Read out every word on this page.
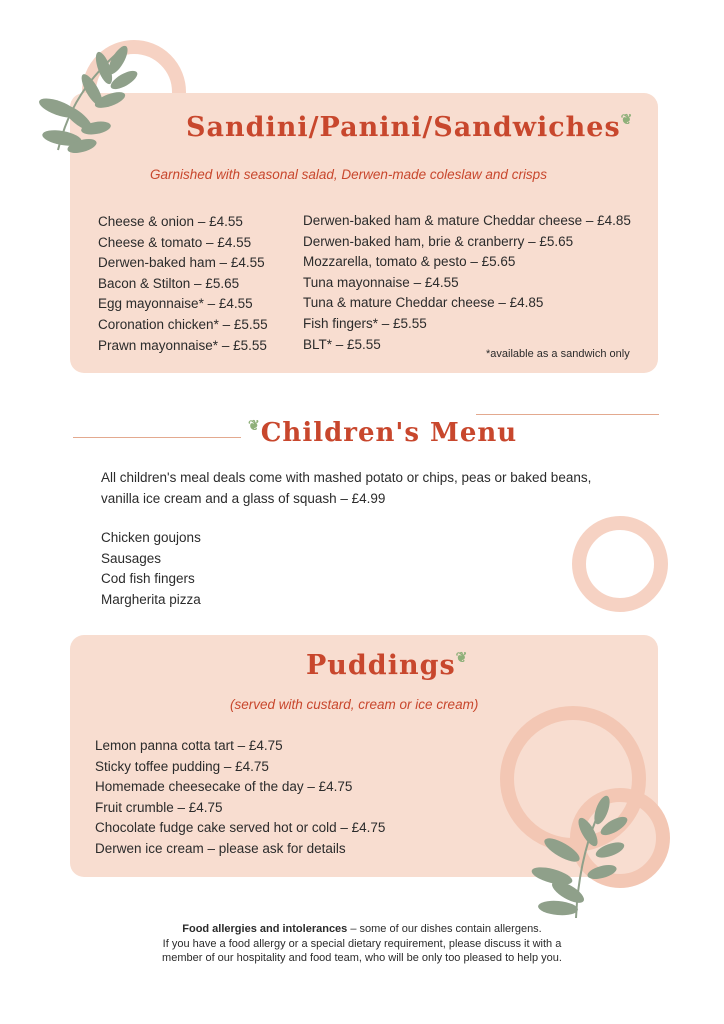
Sandini/Panini/Sandwiches❦
Garnished with seasonal salad, Derwen-made coleslaw and crisps
Cheese & onion – £4.55
Cheese & tomato – £4.55
Derwen-baked ham – £4.55
Bacon & Stilton – £5.65
Egg mayonnaise* – £4.55
Coronation chicken* – £5.55
Prawn mayonnaise* – £5.55
Derwen-baked ham & mature Cheddar cheese – £4.85
Derwen-baked ham, brie & cranberry – £5.65
Mozzarella, tomato & pesto – £5.65
Tuna mayonnaise – £4.55
Tuna & mature Cheddar cheese – £4.85
Fish fingers* – £5.55
BLT* – £5.55
*available as a sandwich only
❦Children's Menu
All children's meal deals come with mashed potato or chips, peas or baked beans,
vanilla ice cream and a glass of squash – £4.99
Chicken goujons
Sausages
Cod fish fingers
Margherita pizza
Puddings❦
(served with custard, cream or ice cream)
Lemon panna cotta tart – £4.75
Sticky toffee pudding – £4.75
Homemade cheesecake of the day – £4.75
Fruit crumble – £4.75
Chocolate fudge cake served hot or cold – £4.75
Derwen ice cream – please ask for details
Food allergies and intolerances – some of our dishes contain allergens.
If you have a food allergy or a special dietary requirement, please discuss it with a
member of our hospitality and food team, who will be only too pleased to help you.
